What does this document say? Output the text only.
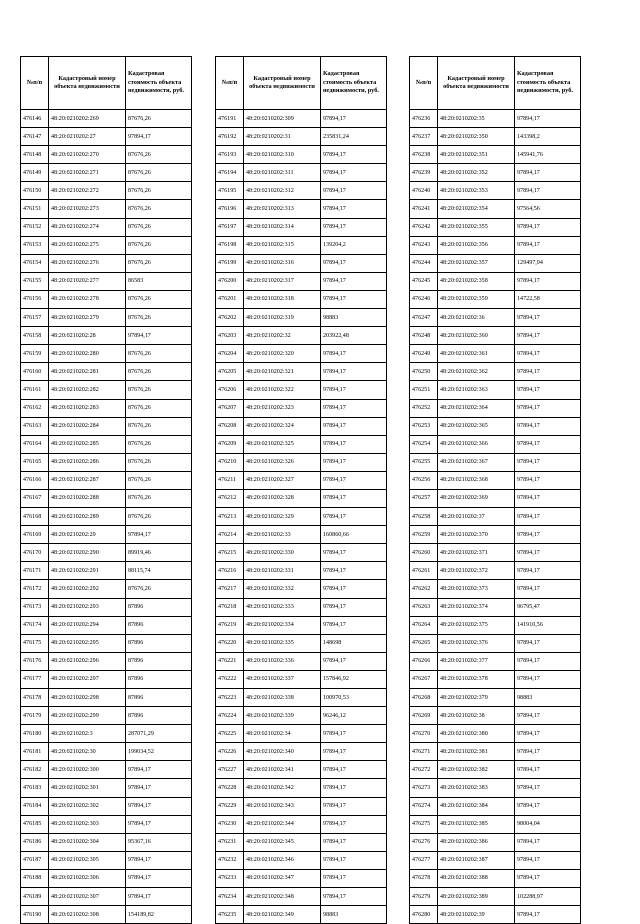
№п/п	Кадастровый номер объекта недвижимости	Кадастровая стоимость объекта недвижимости, руб.
476146	48:20:0210202:269	87676,26
476147	48:20:0210202:27	97894,17
476148	48:20:0210202:270	87676,26
476149	48:20:0210202:271	87676,26
476150	48:20:0210202:272	87676,26
476151	48:20:0210202:273	87676,26
476152	48:20:0210202:274	87676,26
476153	48:20:0210202:275	87676,26
476154	48:20:0210202:276	87676,26
476155	48:20:0210202:277	86583
476156	48:20:0210202:278	87676,26
476157	48:20:0210202:279	87676,26
476158	48:20:0210202:28	97894,17
476159	48:20:0210202:280	87676,26
476160	48:20:0210202:281	87676,26
476161	48:20:0210202:282	87676,26
476162	48:20:0210202:283	87676,26
476163	48:20:0210202:284	87676,26
476164	48:20:0210202:285	87676,26
476165	48:20:0210202:286	87676,26
476166	48:20:0210202:287	87676,26
476167	48:20:0210202:288	87676,26
476168	48:20:0210202:289	87676,26
476169	48:20:0210202:29	97894,17
476170	48:20:0210202:290	89919,46
476171	48:20:0210202:291	88115,74
476172	48:20:0210202:292	87676,26
476173	48:20:0210202:293	87896
476174	48:20:0210202:294	87896
476175	48:20:0210202:295	87896
476176	48:20:0210202:296	87896
476177	48:20:0210202:297	87896
476178	48:20:0210202:298	87896
476179	48:20:0210202:299	87896
476180	48:20:0210202:3	287071,29
476181	48:20:0210202:30	199034,52
476182	48:20:0210202:300	97894,17
476183	48:20:0210202:301	97894,17
476184	48:20:0210202:302	97894,17
476185	48:20:0210202:303	97894,17
476186	48:20:0210202:304	95367,16
476187	48:20:0210202:305	97894,17
476188	48:20:0210202:306	97894,17
476189	48:20:0210202:307	97894,17
476190	48:20:0210202:308	154189,82
№п/п	Кадастровый номер объекта недвижимости	Кадастровая стоимость объекта недвижимости, руб.
476191	48:20:0210202:309	97894,17
476192	48:20:0210202:31	235831,24
476193	48:20:0210202:310	97894,17
476194	48:20:0210202:311	97894,17
476195	48:20:0210202:312	97894,17
476196	48:20:0210202:313	97894,17
476197	48:20:0210202:314	97894,17
476198	48:20:0210202:315	139204,2
476199	48:20:0210202:316	97894,17
476200	48:20:0210202:317	97894,17
476201	48:20:0210202:318	97894,17
476202	48:20:0210202:319	98883
476203	48:20:0210202:32	203922,48
476204	48:20:0210202:320	97894,17
476205	48:20:0210202:321	97894,17
476206	48:20:0210202:322	97894,17
476207	48:20:0210202:323	97894,17
476208	48:20:0210202:324	97894,17
476209	48:20:0210202:325	97894,17
476210	48:20:0210202:326	97894,17
476211	48:20:0210202:327	97894,17
476212	48:20:0210202:328	97894,17
476213	48:20:0210202:329	97894,17
476214	48:20:0210202:33	160860,66
476215	48:20:0210202:330	97894,17
476216	48:20:0210202:331	97894,17
476217	48:20:0210202:332	97894,17
476218	48:20:0210202:333	97894,17
476219	48:20:0210202:334	97894,17
476220	48:20:0210202:335	148698
476221	48:20:0210202:336	97894,17
476222	48:20:0210202:337	157846,92
476223	48:20:0210202:338	100970,53
476224	48:20:0210202:339	96246,12
476225	48:20:0210202:34	97894,17
476226	48:20:0210202:340	97894,17
476227	48:20:0210202:341	97894,17
476228	48:20:0210202:342	97894,17
476229	48:20:0210202:343	97894,17
476230	48:20:0210202:344	97894,17
476231	48:20:0210202:345	97894,17
476232	48:20:0210202:346	97894,17
476233	48:20:0210202:347	97894,17
476234	48:20:0210202:348	97894,17
476235	48:20:0210202:349	98883
№п/п	Кадастровый номер объекта недвижимости	Кадастровая стоимость объекта недвижимости, руб.
476236	48:20:0210202:35	97894,17
476237	48:20:0210202:350	143398,2
476238	48:20:0210202:351	145941,76
476239	48:20:0210202:352	97894,17
476240	48:20:0210202:353	97894,17
476241	48:20:0210202:354	97564,56
476242	48:20:0210202:355	97894,17
476243	48:20:0210202:356	97894,17
476244	48:20:0210202:357	129497,94
476245	48:20:0210202:358	97894,17
476246	48:20:0210202:359	14722,58
476247	48:20:0210202:36	97894,17
476248	48:20:0210202:360	97894,17
476249	48:20:0210202:361	97894,17
476250	48:20:0210202:362	97894,17
476251	48:20:0210202:363	97894,17
476252	48:20:0210202:364	97894,17
476253	48:20:0210202:365	97894,17
476254	48:20:0210202:366	97894,17
476255	48:20:0210202:367	97894,17
476256	48:20:0210202:368	97894,17
476257	48:20:0210202:369	97894,17
476258	48:20:0210202:37	97894,17
476259	48:20:0210202:370	97894,17
476260	48:20:0210202:371	97894,17
476261	48:20:0210202:372	97894,17
476262	48:20:0210202:373	97894,17
476263	48:20:0210202:374	96795,47
476264	48:20:0210202:375	141910,56
476265	48:20:0210202:376	97894,17
476266	48:20:0210202:377	97894,17
476267	48:20:0210202:378	97894,17
476268	48:20:0210202:379	98883
476269	48:20:0210202:38	97894,17
476270	48:20:0210202:380	97894,17
476271	48:20:0210202:381	97894,17
476272	48:20:0210202:382	97894,17
476273	48:20:0210202:383	97894,17
476274	48:20:0210202:384	97894,17
476275	48:20:0210202:385	98004,04
476276	48:20:0210202:386	97894,17
476277	48:20:0210202:387	97894,17
476278	48:20:0210202:388	97894,17
476279	48:20:0210202:389	102288,97
476280	48:20:0210202:39	97894,17
